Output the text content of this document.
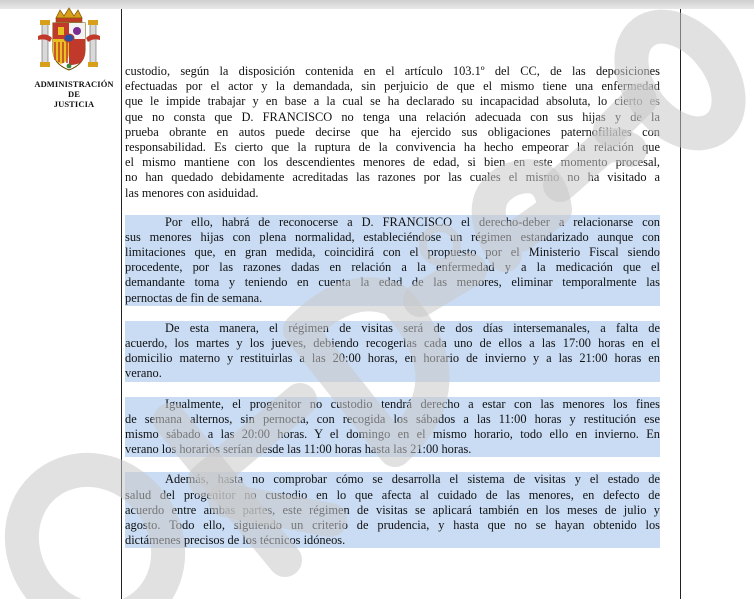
ADMINISTRACIÓN
DE
JUSTICIA
custodio, según la disposición contenida en el artículo 103.1º del CC, de las deposiciones
efectuadas por el actor y la demandada, sin perjuicio de que el mismo tiene una enfermedad
que le impide trabajar y en base a la cual se ha declarado su incapacidad absoluta, lo cierto es
que no consta que D. FRANCISCO no tenga una relación adecuada con sus hijas y de la
prueba obrante en autos puede decirse que ha ejercido sus obligaciones paternofiliales con
responsabilidad. Es cierto que la ruptura de la convivencia ha hecho empeorar la relación que
el mismo mantiene con los descendientes menores de edad, si bien en este momento procesal,
no han quedado debidamente acreditadas las razones por las cuales el mismo no ha visitado a
las menores con asiduidad.
Por ello, habrá de reconocerse a D. FRANCISCO el derecho-deber a relacionarse con
sus menores hijas con plena normalidad, estableciéndose un régimen estandarizado aunque con
limitaciones que, en gran medida, coincidirá con el propuesto por el Ministerio Fiscal siendo
procedente, por las razones dadas en relación a la enfermedad y a la medicación que el
demandante toma y teniendo en cuenta la edad de las menores, eliminar temporalmente las
pernoctas de fin de semana.
De esta manera, el régimen de visitas será de dos días intersemanales, a falta de
acuerdo, los martes y los jueves, debiendo recogerlas cada uno de ellos a las 17:00 horas en el
domicilio materno y restituirlas a las 20:00 horas, en horario de invierno y a las 21:00 horas en
verano.
Igualmente, el progenitor no custodio tendrá derecho a estar con las menores los fines
de semana alternos, sin pernocta, con recogida los sábados a las 11:00 horas y restitución ese
mismo sábado a las 20:00 horas. Y el domingo en el mismo horario, todo ello en invierno. En
verano los horarios serían desde las 11:00 horas hasta las 21:00 horas.
Además, hasta no comprobar cómo se desarrolla el sistema de visitas y el estado de
salud del progenitor no custodio en lo que afecta al cuidado de las menores, en defecto de
acuerdo entre ambas partes, este régimen de visitas se aplicará también en los meses de julio y
agosto. Todo ello, siguiendo un criterio de prudencia, y hasta que no se hayan obtenido los
dictámenes precisos de los técnicos idóneos.
